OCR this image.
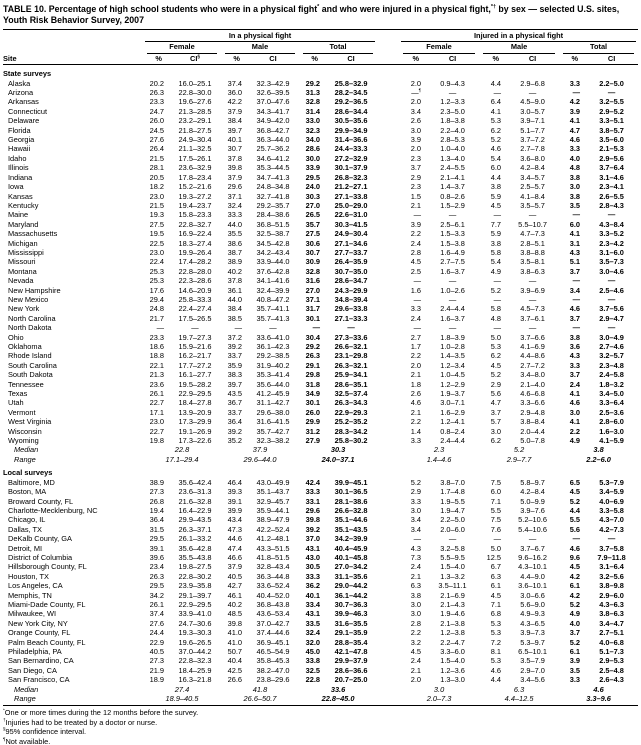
TABLE 10. Percentage of high school students who were in a physical fight* and who were injured in a physical fight,*† by sex — selected U.S. sites, Youth Risk Behavior Survey, 2007
Site	In a physical fight							Injured in a physical fight					

	Female		Male		Total			Female		Male		Total	

	%	CI§	%	CI	%	CI		%	CI	%	CI	%	CI
State surveys													
Alaska	20.2	16.0–25.1	37.4	32.3–42.9	29.2	25.8–32.9		2.0	0.9–4.3	4.4	2.9–6.8	3.3	2.2–5.0
Arizona	26.3	22.8–30.0	36.0	32.6–39.5	31.3	28.2–34.5		—¶	—	—	—	—	—
Arkansas	23.3	19.6–27.6	42.2	37.0–47.6	32.8	29.2–36.5		2.0	1.2–3.3	6.4	4.5–9.0	4.2	3.2–5.5
Connecticut	24.7	21.3–28.5	37.9	34.3–41.7	31.4	28.6–34.4		3.4	2.3–5.0	4.1	3.0–5.7	3.9	2.9–5.2
Delaware	26.0	23.2–29.1	38.4	34.9–42.0	33.0	30.5–35.6		2.6	1.8–3.8	5.3	3.9–7.1	4.1	3.3–5.1
Florida	24.5	21.8–27.5	39.7	36.8–42.7	32.3	29.9–34.9		3.0	2.2–4.0	6.2	5.1–7.7	4.7	3.8–5.7
Georgia	27.6	24.9–30.4	40.1	36.3–44.0	34.0	31.4–36.6		3.9	2.8–5.3	5.2	3.7–7.2	4.6	3.5–6.0
Hawaii	26.4	21.1–32.5	30.7	25.7–36.2	28.6	24.4–33.3		2.0	1.0–4.0	4.6	2.7–7.8	3.3	2.1–5.3
Idaho	21.5	17.5–26.1	37.8	34.6–41.2	30.0	27.2–32.9		2.3	1.3–4.0	5.4	3.6–8.0	4.0	2.9–5.6
Illinois	28.1	23.6–32.9	39.8	35.3–44.5	33.9	30.1–37.9		3.7	2.4–5.5	6.0	4.2–8.4	4.8	3.7–6.4
Indiana	20.5	17.8–23.4	37.9	34.7–41.3	29.5	26.8–32.3		2.9	2.1–4.1	4.4	3.4–5.7	3.8	3.1–4.6
Iowa	18.2	15.2–21.6	29.6	24.8–34.8	24.0	21.2–27.1		2.3	1.4–3.7	3.8	2.5–5.7	3.0	2.3–4.1
Kansas	23.0	19.3–27.2	37.1	32.7–41.8	30.3	27.1–33.8		1.5	0.8–2.6	5.9	4.1–8.4	3.8	2.6–5.5
Kentucky	21.5	19.4–23.7	32.4	29.2–35.7	27.0	25.0–29.0		2.1	1.5–2.9	4.5	3.5–5.7	3.5	2.8–4.3
Maine	19.3	15.8–23.3	33.3	28.4–38.6	26.5	22.6–31.0		—	—	—	—	—	—
Maryland	27.5	22.8–32.7	44.0	36.8–51.5	35.7	30.3–41.5		3.9	2.5–6.1	7.7	5.5–10.7	6.0	4.3–8.4
Massachusetts	19.5	16.9–22.4	35.5	32.5–38.7	27.5	24.9–30.4		2.2	1.5–3.3	5.9	4.7–7.3	4.1	3.3–5.2
Michigan	22.5	18.3–27.4	38.6	34.5–42.8	30.6	27.1–34.6		2.4	1.5–3.8	3.8	2.8–5.1	3.1	2.3–4.2
Mississippi	23.0	19.9–26.4	38.7	34.2–43.4	30.7	27.7–33.7		2.8	1.6–4.9	5.8	3.8–8.8	4.3	3.1–6.0
Missouri	22.4	17.4–28.2	38.9	33.9–44.0	30.9	26.4–35.9		4.5	2.7–7.5	5.4	3.5–8.1	5.1	3.5–7.3
Montana	25.3	22.8–28.0	40.2	37.6–42.8	32.8	30.7–35.0		2.5	1.6–3.7	4.9	3.8–6.3	3.7	3.0–4.6
Nevada	25.3	22.3–28.6	37.8	34.1–41.6	31.6	28.6–34.7		—	—	—	—	—	—
New Hampshire	17.6	14.6–20.9	36.1	32.4–39.9	27.0	24.3–29.9		1.6	1.0–2.6	5.2	3.9–6.9	3.4	2.5–4.6
New Mexico	29.4	25.8–33.3	44.0	40.8–47.2	37.1	34.8–39.4		—	—	—	—	—	—
New York	24.8	22.4–27.4	38.4	35.7–41.1	31.7	29.6–33.8		3.3	2.4–4.4	5.8	4.5–7.3	4.6	3.7–5.6
North Carolina	21.7	17.5–26.5	38.5	35.7–41.3	30.1	27.1–33.3		2.4	1.6–3.7	4.8	3.7–6.1	3.7	2.9–4.7
North Dakota	—	—	—	—	—	—		—	—	—	—	—	—
Ohio	23.3	19.7–27.3	37.2	33.6–41.0	30.4	27.3–33.6		2.7	1.8–3.9	5.0	3.7–6.6	3.8	3.0–4.9
Oklahoma	18.6	15.9–21.6	39.2	36.1–42.3	29.2	26.6–32.1		1.7	1.0–2.8	5.3	4.1–6.9	3.6	2.7–4.6
Rhode Island	18.8	16.2–21.7	33.7	29.2–38.5	26.3	23.1–29.8		2.2	1.4–3.5	6.2	4.4–8.6	4.3	3.2–5.7
South Carolina	22.1	17.7–27.2	35.9	31.9–40.2	29.1	26.3–32.1		2.0	1.2–3.4	4.5	2.7–7.2	3.3	2.3–4.8
South Dakota	21.3	16.1–27.7	38.3	35.3–41.4	29.8	25.9–34.1		2.1	1.0–4.5	5.2	3.4–8.0	3.7	2.4–5.8
Tennessee	23.6	19.5–28.2	39.7	35.6–44.0	31.8	28.6–35.1		1.8	1.2–2.9	2.9	2.1–4.0	2.4	1.8–3.2
Texas	26.1	22.9–29.5	43.5	41.2–45.9	34.9	32.5–37.4		2.6	1.9–3.7	5.6	4.6–6.8	4.1	3.4–5.0
Utah	22.7	18.4–27.8	36.7	31.1–42.7	30.1	26.3–34.3		4.6	3.0–7.1	4.7	3.3–6.6	4.6	3.3–6.4
Vermont	17.1	13.9–20.9	33.7	29.6–38.0	26.0	22.9–29.3		2.1	1.6–2.9	3.7	2.9–4.8	3.0	2.5–3.6
West Virginia	23.0	17.3–29.9	36.4	31.6–41.5	29.9	25.2–35.2		2.2	1.2–4.1	5.7	3.8–8.4	4.1	2.8–6.0
Wisconsin	22.7	19.1–26.9	39.2	35.7–42.7	31.2	28.3–34.2		1.4	0.8–2.4	3.0	2.0–4.4	2.2	1.6–3.0
Wyoming	19.8	17.3–22.6	35.2	32.3–38.2	27.9	25.8–30.2		3.3	2.4–4.4	6.2	5.0–7.8	4.9	4.1–5.9
Median	22.8		37.9		30.3			2.3		5.2		3.8	
Range	17.1–29.4		29.6–44.0		24.0–37.1			1.4–4.6		2.9–7.7		2.2–6.0	
Local surveys													
Baltimore, MD	38.9	35.6–42.4	46.4	43.0–49.9	42.4	39.9–45.1		5.2	3.8–7.0	7.5	5.8–9.7	6.5	5.3–7.9
Boston, MA	27.3	23.6–31.3	39.3	35.1–43.7	33.3	30.1–36.5		2.9	1.7–4.8	6.0	4.2–8.4	4.5	3.4–5.9
Broward County, FL	26.8	21.6–32.8	39.1	32.9–45.7	33.1	28.1–38.6		3.3	1.9–5.5	7.1	5.0–9.9	5.2	4.0–6.9
Charlotte-Mecklenburg, NC	19.4	16.4–22.9	39.9	35.9–44.1	29.6	26.6–32.8		3.0	1.9–4.7	5.5	3.9–7.6	4.4	3.3–5.8
Chicago, IL	36.4	29.9–43.5	43.4	38.9–47.9	39.8	35.1–44.6		3.4	2.2–5.0	7.5	5.2–10.6	5.5	4.3–7.0
Dallas, TX	31.5	26.3–37.1	47.3	42.2–52.4	39.2	35.1–43.5		3.4	2.0–6.0	7.6	5.4–10.6	5.6	4.2–7.3
DeKalb County, GA	29.5	26.1–33.2	44.6	41.2–48.1	37.0	34.2–39.9		—	—	—	—	—	—
Detroit, MI	39.1	35.6–42.8	47.4	43.3–51.5	43.1	40.4–45.9		4.3	3.2–5.8	5.0	3.7–6.7	4.6	3.7–5.8
District of Columbia	39.6	35.5–43.8	46.6	41.8–51.5	43.0	40.1–45.8		7.3	5.5–9.5	12.5	9.6–16.2	9.6	7.9–11.8
Hillsborough County, FL	23.4	19.8–27.5	37.9	32.8–43.4	30.5	27.0–34.2		2.4	1.5–4.0	6.7	4.3–10.1	4.5	3.1–6.4
Houston, TX	26.3	22.8–30.2	40.5	36.3–44.8	33.3	31.1–35.6		2.1	1.3–3.2	6.3	4.4–9.0	4.2	3.2–5.6
Los Angeles, CA	29.5	23.9–35.8	42.7	33.6–52.4	36.2	29.0–44.2		6.3	3.5–11.1	6.1	3.6–10.1	6.1	3.8–9.8
Memphis, TN	34.2	29.1–39.7	46.1	40.4–52.0	40.1	36.1–44.2		3.8	2.1–6.9	4.5	3.0–6.6	4.2	2.9–6.0
Miami-Dade County, FL	26.1	22.9–29.5	40.2	36.8–43.8	33.4	30.7–36.3		3.0	2.1–4.3	7.1	5.6–9.0	5.2	4.3–6.3
Milwaukee, WI	37.4	33.9–41.0	48.5	43.6–53.4	43.1	39.9–46.3		3.0	1.9–4.6	6.8	4.9–9.3	4.9	3.8–6.3
New York City, NY	27.6	24.7–30.6	39.8	37.0–42.7	33.5	31.6–35.5		2.8	2.1–3.8	5.3	4.3–6.5	4.0	3.4–4.7
Orange County, FL	24.4	19.3–30.3	41.0	37.4–44.6	32.4	29.1–35.9		2.2	1.2–3.8	5.3	3.9–7.3	3.7	2.7–5.1
Palm Beach County, FL	22.9	19.6–26.5	41.0	36.9–45.1	32.0	28.8–35.4		3.2	2.2–4.7	7.2	5.3–9.7	5.2	4.0–6.8
Philadelphia, PA	40.5	37.0–44.2	50.7	46.5–54.9	45.0	42.1–47.8		4.5	3.3–6.0	8.1	6.5–10.1	6.1	5.1–7.3
San Bernardino, CA	27.3	22.8–32.3	40.4	35.8–45.3	33.8	29.9–37.9		2.4	1.5–4.0	5.3	3.5–7.9	3.9	2.9–5.3
San Diego, CA	21.9	18.4–25.9	42.5	38.2–47.0	32.5	28.6–36.6		2.1	1.2–3.6	4.6	2.9–7.0	3.5	2.5–4.8
San Francisco, CA	18.9	16.3–21.8	26.6	23.8–29.6	22.8	20.7–25.0		2.0	1.3–3.0	4.4	3.4–5.6	3.3	2.6–4.3
Median	27.4		41.8		33.6			3.0		6.3		4.6	
Range	18.9–40.5		26.6–50.7		22.8–45.0			2.0–7.3		4.4–12.5		3.3–9.6	
*One or more times during the 12 months before the survey.
†Injuries had to be treated by a doctor or nurse.
§95% confidence interval.
¶Not available.
